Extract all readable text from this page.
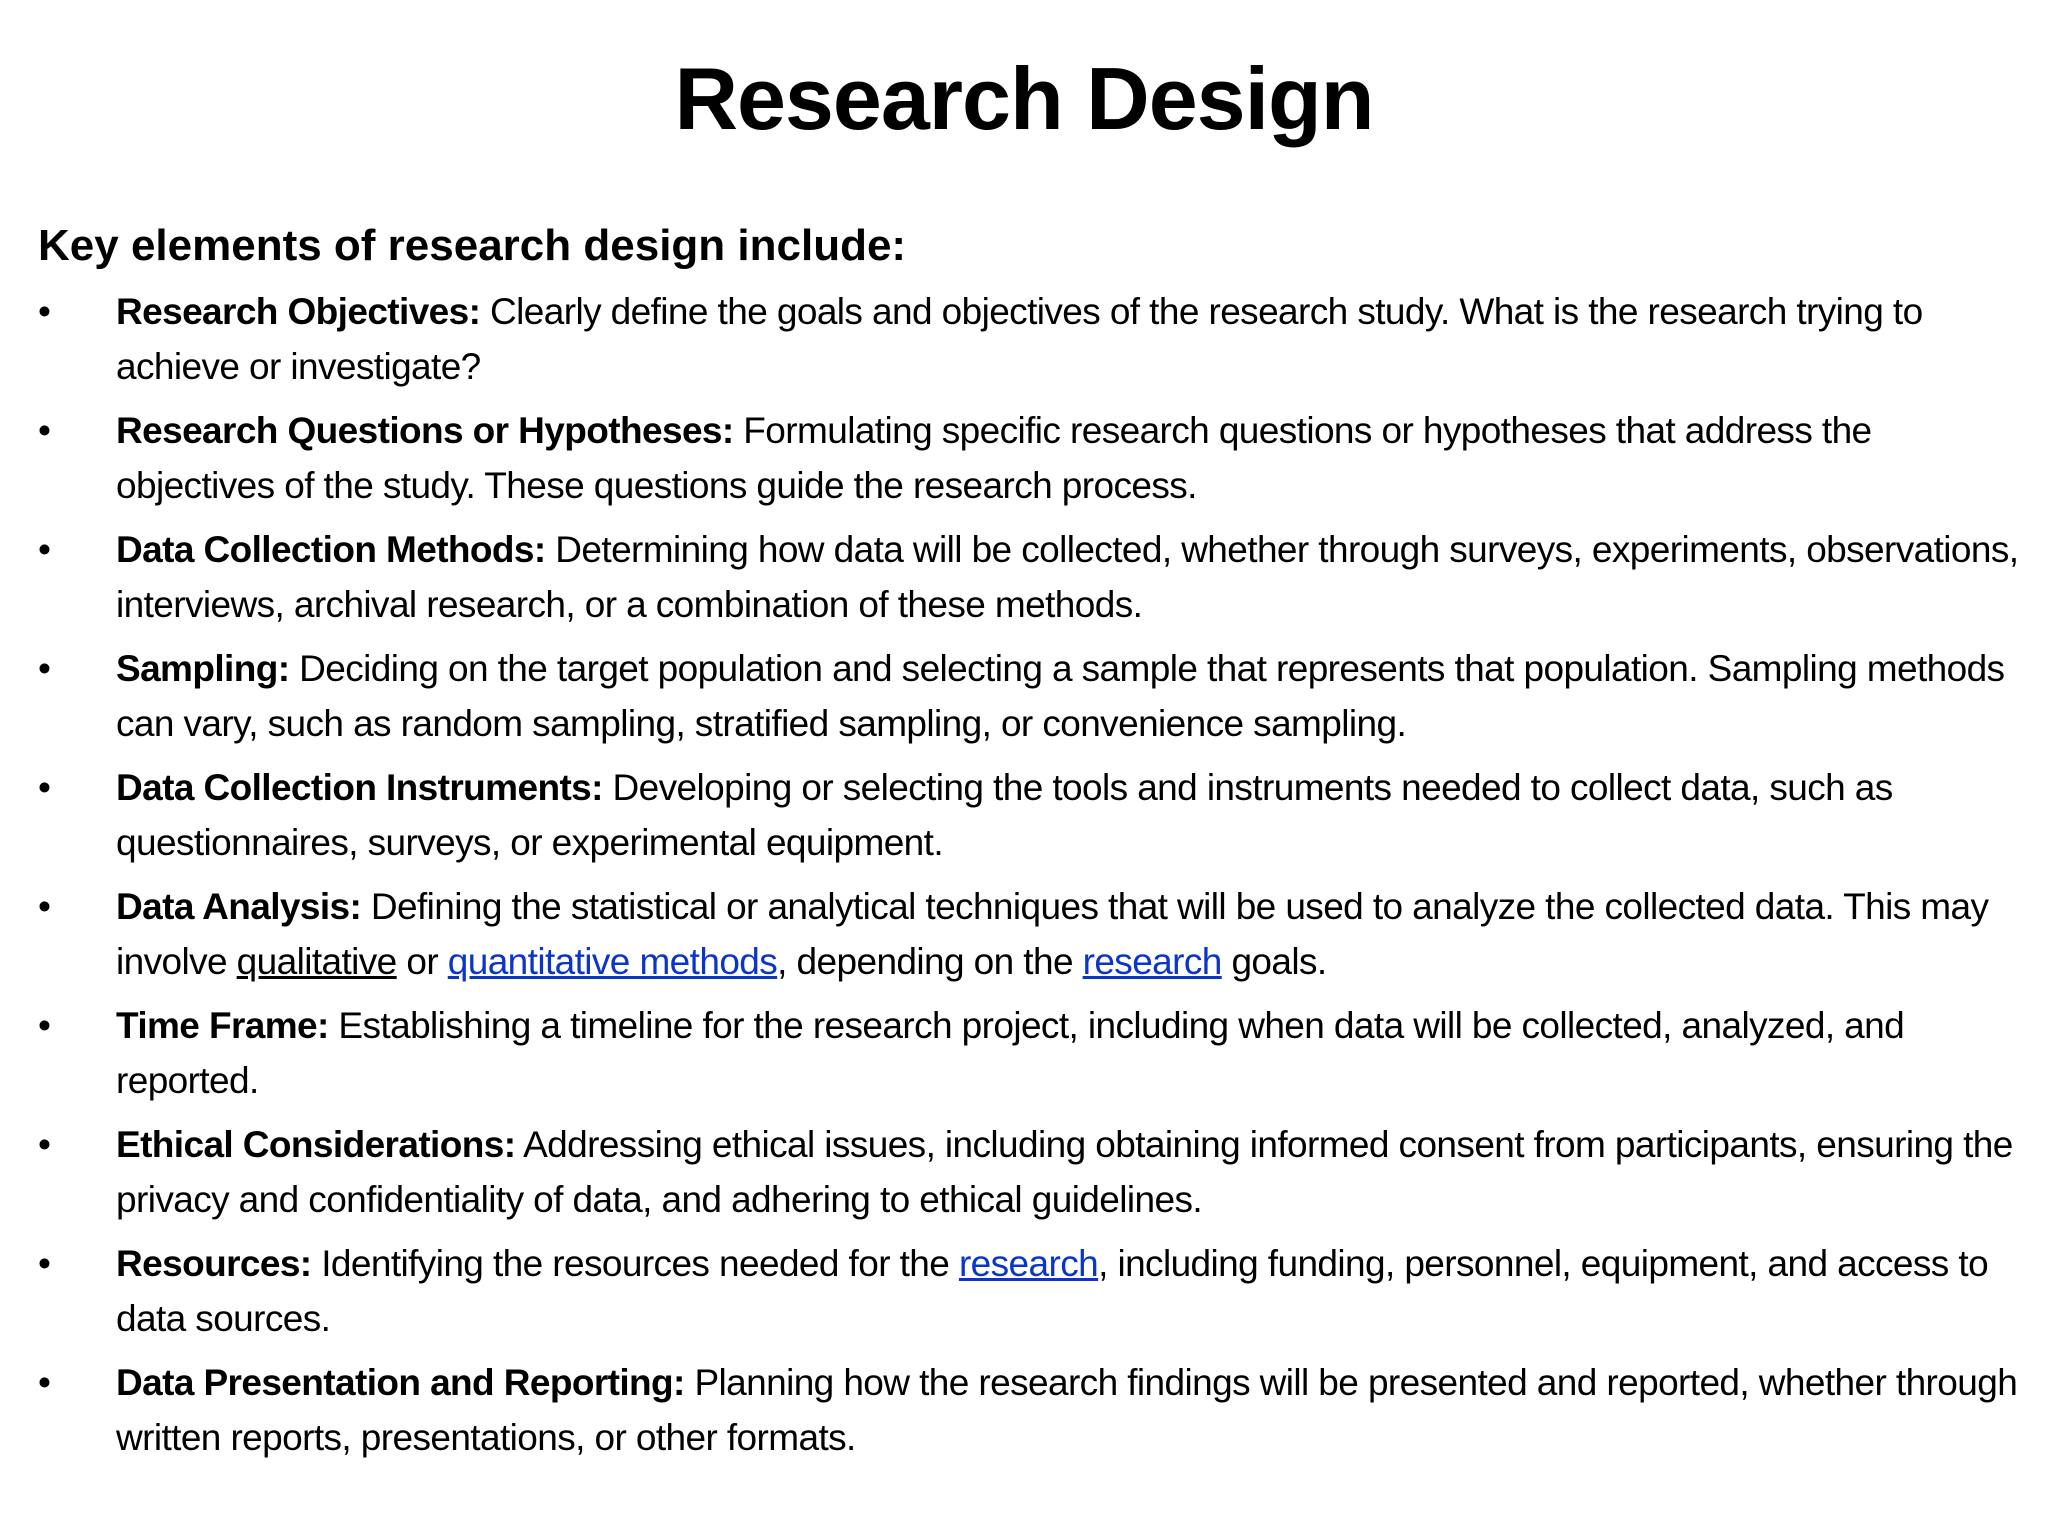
Research Design
Key elements of research design include:
• Research Objectives: Clearly define the goals and objectives of the research study. What is the research trying to achieve or investigate?
• Research Questions or Hypotheses: Formulating specific research questions or hypotheses that address the objectives of the study. These questions guide the research process.
• Data Collection Methods: Determining how data will be collected, whether through surveys, experiments, observations, interviews, archival research, or a combination of these methods.
• Sampling: Deciding on the target population and selecting a sample that represents that population. Sampling methods can vary, such as random sampling, stratified sampling, or convenience sampling.
• Data Collection Instruments: Developing or selecting the tools and instruments needed to collect data, such as questionnaires, surveys, or experimental equipment.
• Data Analysis: Defining the statistical or analytical techniques that will be used to analyze the collected data. This may involve qualitative or quantitative methods, depending on the research goals.
• Time Frame: Establishing a timeline for the research project, including when data will be collected, analyzed, and reported.
• Ethical Considerations: Addressing ethical issues, including obtaining informed consent from participants, ensuring the privacy and confidentiality of data, and adhering to ethical guidelines.
• Resources: Identifying the resources needed for the research, including funding, personnel, equipment, and access to data sources.
• Data Presentation and Reporting: Planning how the research findings will be presented and reported, whether through written reports, presentations, or other formats.
